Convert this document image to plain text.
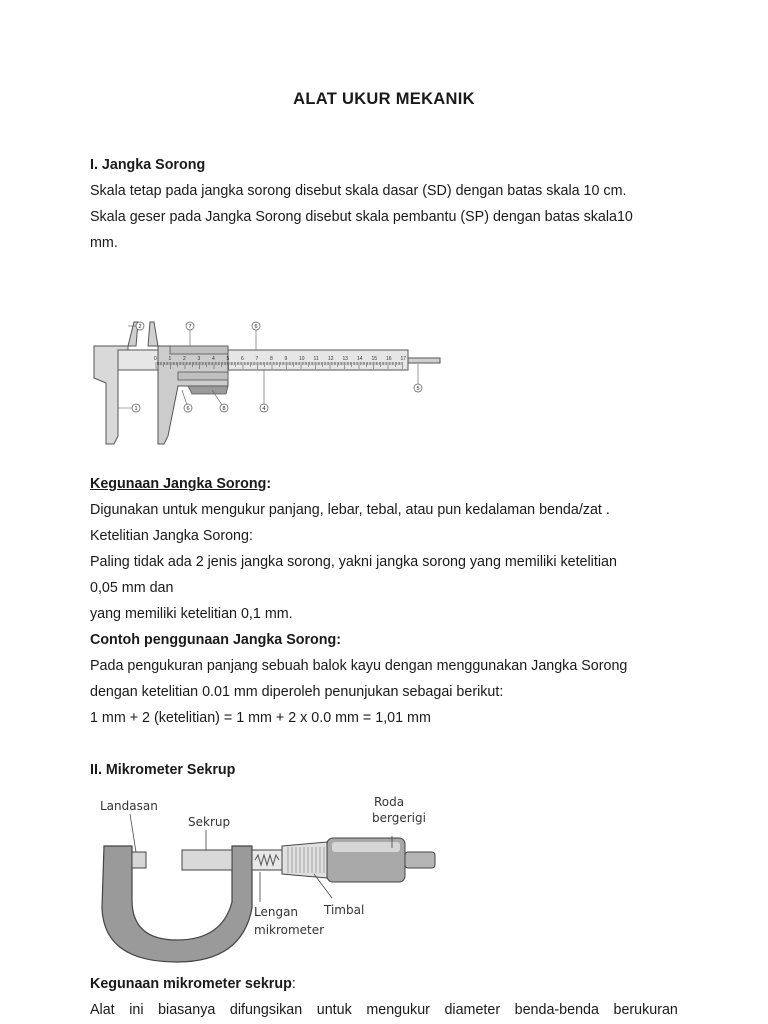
ALAT UKUR MEKANIK
I. Jangka Sorong
Skala tetap pada jangka sorong disebut skala dasar (SD) dengan batas skala 10 cm.
Skala geser pada Jangka Sorong disebut skala pembantu (SP) dengan batas skala10
mm.
0 1 2 3 4 5 6 7 8 9 10 11 12 13 14 15 16 17
2	7	6
5
1	6	8	4
Kegunaan Jangka Sorong:
Digunakan untuk mengukur panjang, lebar, tebal, atau pun kedalaman benda/zat .
Ketelitian Jangka Sorong:
Paling tidak ada 2 jenis jangka sorong, yakni jangka sorong yang memiliki ketelitian
0,05 mm dan
yang memiliki ketelitian 0,1 mm.
Contoh penggunaan Jangka Sorong:
Pada pengukuran panjang sebuah balok kayu dengan menggunakan Jangka Sorong
dengan ketelitian 0.01 mm diperoleh penunjukan sebagai berikut:
1 mm + 2 (ketelitian) = 1 mm + 2 x 0.0 mm = 1,01 mm
II. Mikrometer Sekrup
Landasan
Sekrup
Roda
bergerigi
Lengan
mikrometer
Timbal
Kegunaan mikrometer sekrup:
Alat ini biasanya difungsikan untuk mengukur diameter benda-benda berukuran
